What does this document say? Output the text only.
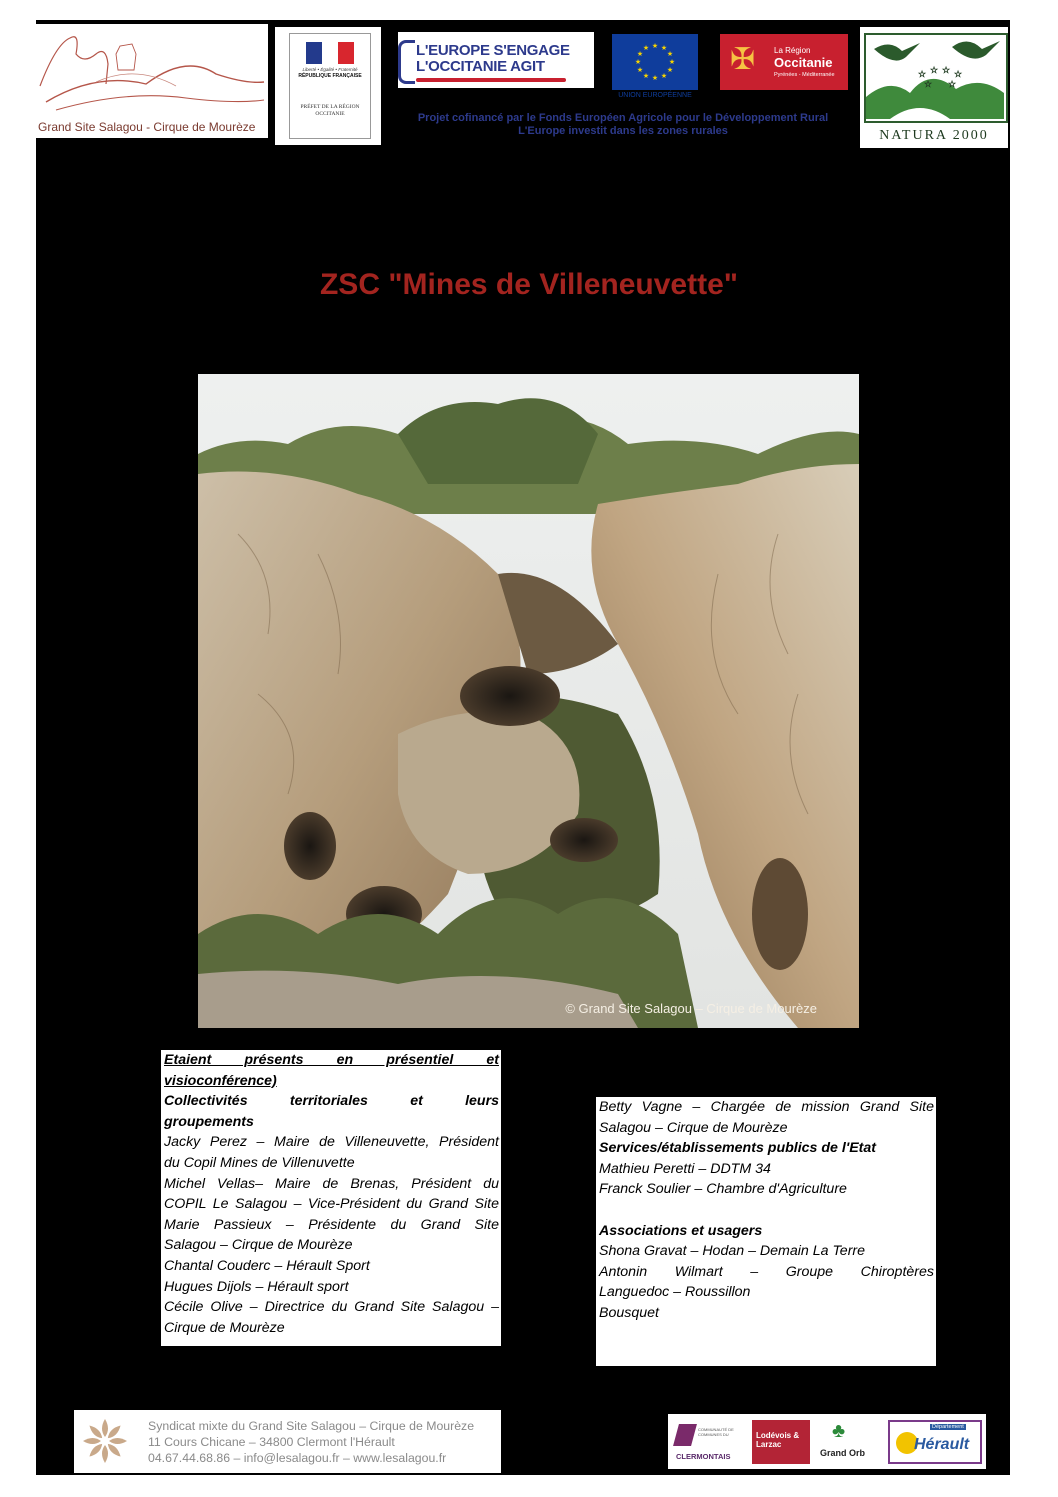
Grand Site Salagou - Cirque de Mourèze
Liberté • Égalité • Fraternité
RÉPUBLIQUE FRANÇAISE
PRÉFET DE LA RÉGION OCCITANIE
L'EUROPE S'ENGAGE
L'OCCITANIE AGIT
★ ★
★
★
★
★
★
★
★
★
★
★
UNION EUROPÉENNE
✠ La Région
Occitanie
Pyrénées - Méditerranée
Projet cofinancé par le Fonds Européen Agricole pour le Développement Rural
L'Europe investit dans les zones rurales
☆ ☆ ☆ ☆
☆ ☆
NATURA 2000
ZSC "Mines de Villeneuvette"
© Grand Site Salagou – Cirque de Mourèze
Etaient présents en présentiel et
visioconférence)
Collectivités territoriales et leurs
groupements
Jacky Perez – Maire de Villeneuvette, Président
du Copil Mines de Villenuvette
Michel Vellas– Maire de Brenas, Président du
COPIL Le Salagou – Vice-Président du Grand Site
Marie Passieux – Présidente du Grand Site
Salagou – Cirque de Mourèze
Chantal Couderc – Hérault Sport
Hugues Dijols – Hérault sport
Cécile Olive – Directrice du Grand Site Salagou –
Cirque de Mourèze
Betty Vagne – Chargée de mission Grand Site
Salagou – Cirque de Mourèze
Services/établissements publics de l'Etat
Mathieu Peretti – DDTM 34
Franck Soulier – Chambre d'Agriculture
Associations et usagers
Shona Gravat – Hodan – Demain La Terre
Antonin Wilmart – Groupe Chiroptères
Languedoc – Roussillon
Bousquet
Syndicat mixte du Grand Site Salagou – Cirque de Mourèze
11 Cours Chicane – 34800 Clermont l'Hérault
04.67.44.68.86 – info@lesalagou.fr – www.lesalagou.fr
COMMUNAUTÉ DE COMMUNES DU
CLERMONTAIS
Lodévois & Larzac
♣
Grand Orb
Département
Hérault
